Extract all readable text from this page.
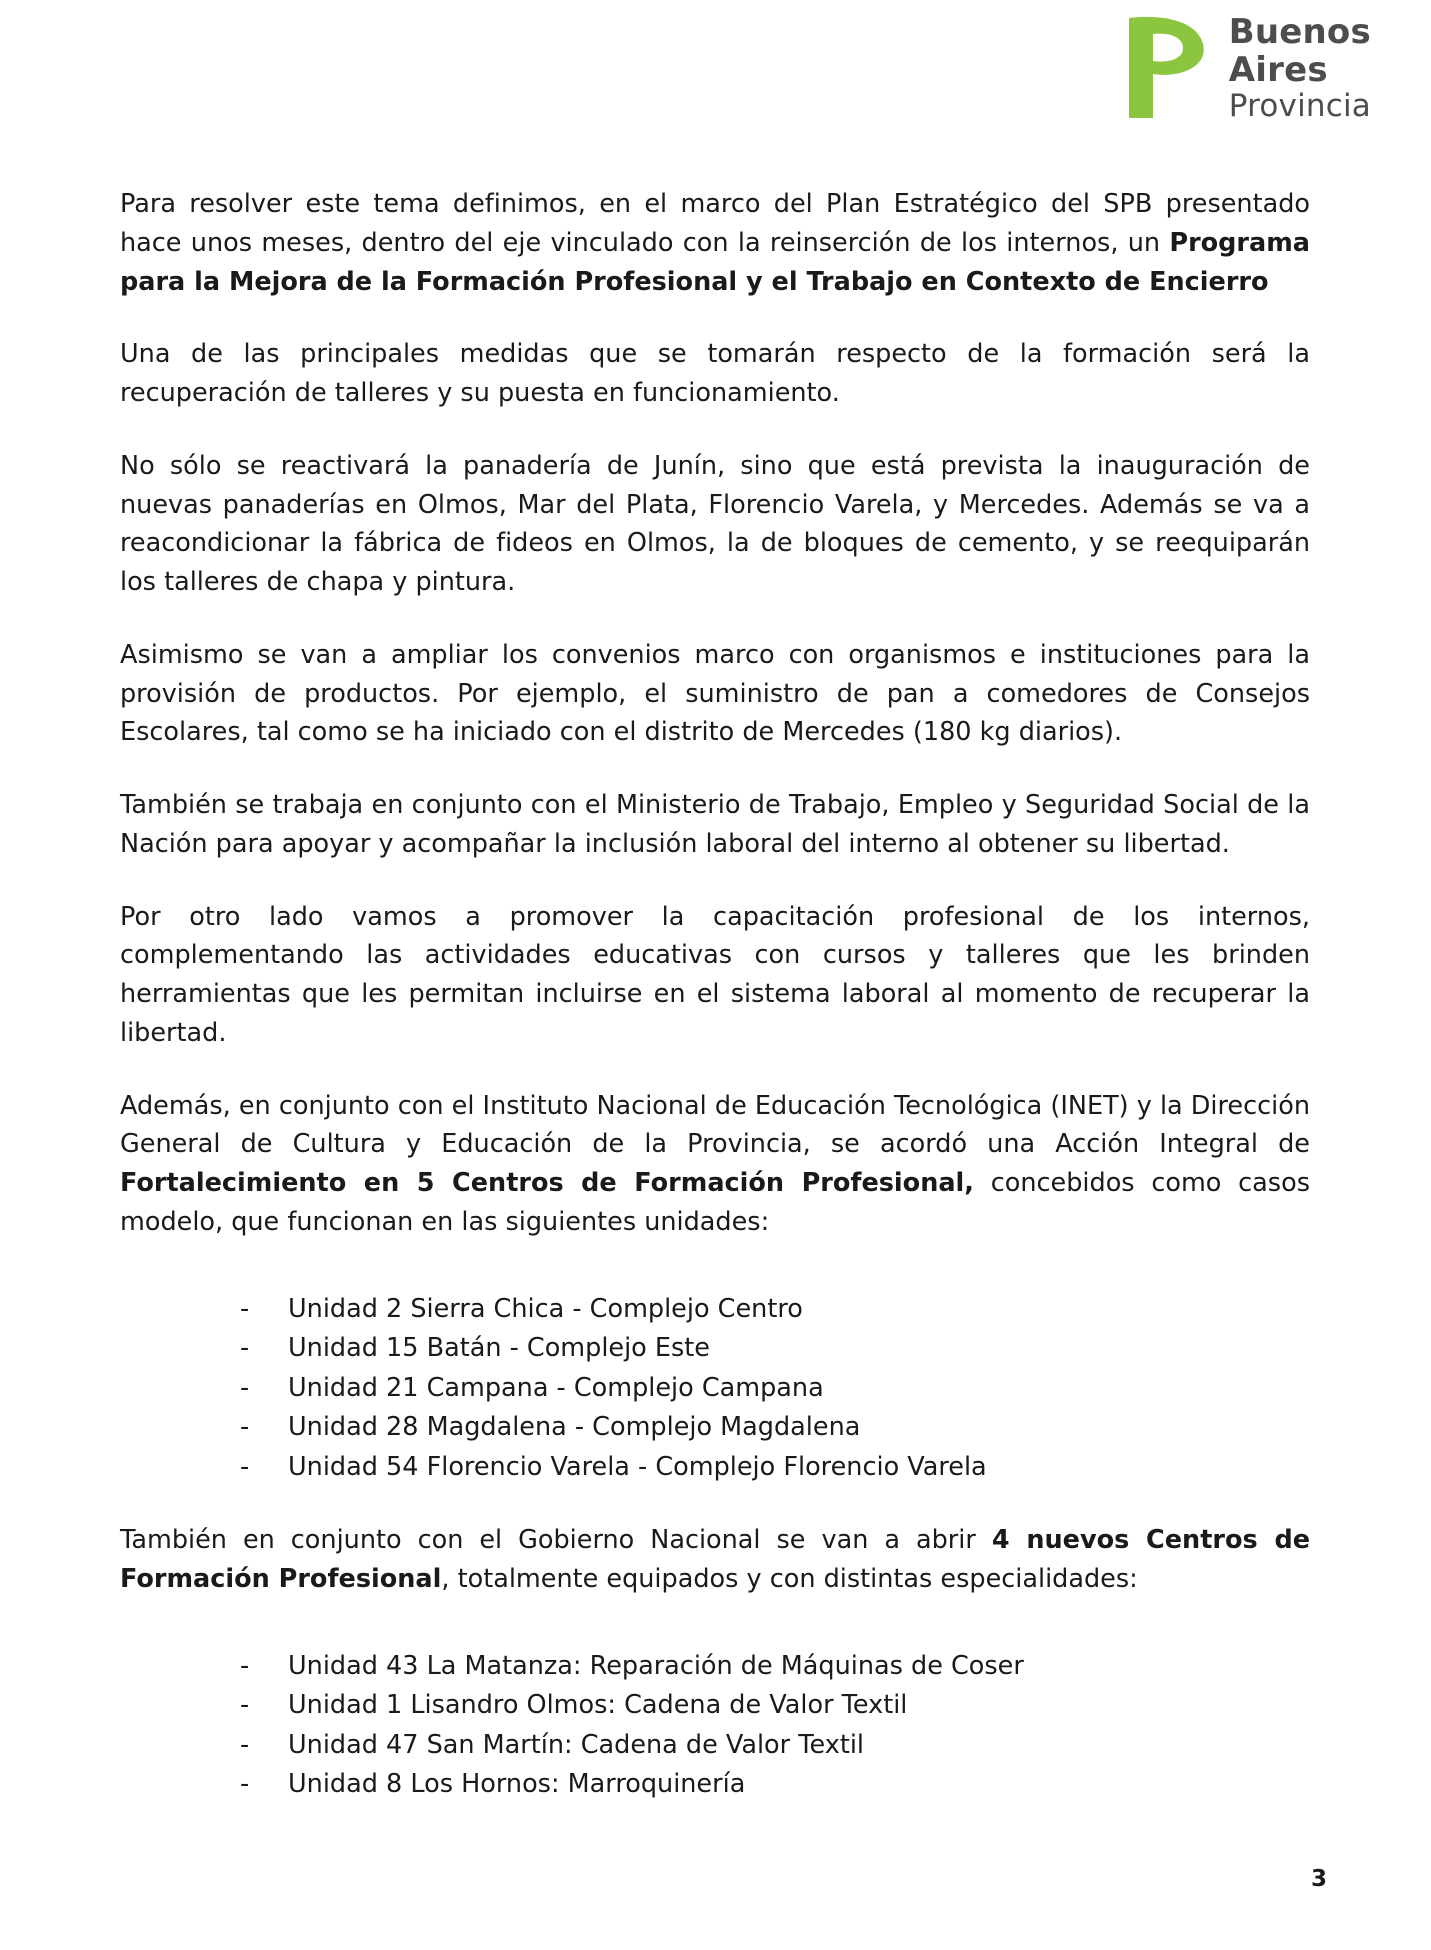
Buenos
Aires
Provincia

Para resolver este tema definimos, en el marco del Plan Estratégico del SPB presentado hace unos meses, dentro del eje vinculado con la reinserción de los internos, un Programa para la Mejora de la Formación Profesional y el Trabajo en Contexto de Encierro

Una de las principales medidas que se tomarán respecto de la formación será la recuperación de talleres y su puesta en funcionamiento.

No sólo se reactivará la panadería de Junín, sino que está prevista la inauguración de nuevas panaderías en Olmos, Mar del Plata, Florencio Varela, y Mercedes. Además se va a reacondicionar la fábrica de fideos en Olmos, la de bloques de cemento, y se reequiparán los talleres de chapa y pintura.

Asimismo se van a ampliar los convenios marco con organismos e instituciones para la provisión de productos. Por ejemplo, el suministro de pan a comedores de Consejos Escolares, tal como se ha iniciado con el distrito de Mercedes (180 kg diarios).

También se trabaja en conjunto con el Ministerio de Trabajo, Empleo y Seguridad Social de la Nación para apoyar y acompañar la inclusión laboral del interno al obtener su libertad.

Por otro lado vamos a promover la capacitación profesional de los internos, complementando las actividades educativas con cursos y talleres que les brinden herramientas que les permitan incluirse en el sistema laboral al momento de recuperar la libertad.

Además, en conjunto con el Instituto Nacional de Educación Tecnológica (INET) y la Dirección General de Cultura y Educación de la Provincia, se acordó una Acción Integral de Fortalecimiento en 5 Centros de Formación Profesional, concebidos como casos modelo, que funcionan en las siguientes unidades:

-	Unidad 2 Sierra Chica - Complejo Centro
-	Unidad 15 Batán - Complejo Este
-	Unidad 21 Campana - Complejo Campana
-	Unidad 28 Magdalena - Complejo Magdalena
-	Unidad 54 Florencio Varela - Complejo Florencio Varela

También en conjunto con el Gobierno Nacional se van a abrir 4 nuevos Centros de Formación Profesional, totalmente equipados y con distintas especialidades:

-	Unidad 43 La Matanza: Reparación de Máquinas de Coser
-	Unidad 1 Lisandro Olmos: Cadena de Valor Textil
-	Unidad 47 San Martín: Cadena de Valor Textil
-	Unidad 8 Los Hornos: Marroquinería
3
